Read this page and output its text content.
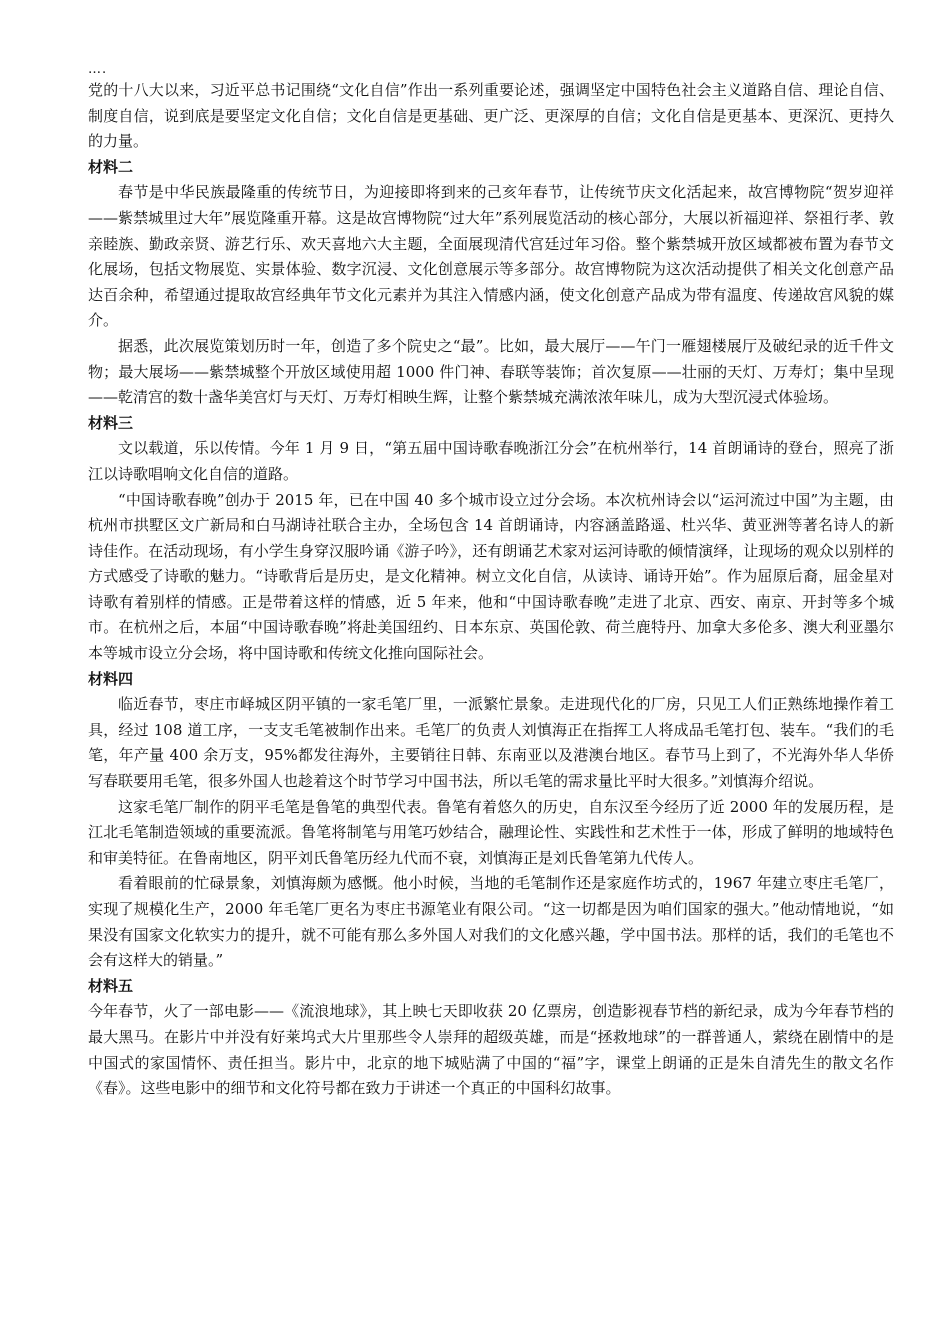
….

党的十八大以来，习近平总书记围绕“文化自信”作出一系列重要论述，强调坚定中国特色社会主义道路自信、理论自信、制度自信，说到底是要坚定文化自信；文化自信是更基础、更广泛、更深厚的自信；文化自信是更基本、更深沉、更持久的力量。

材料二

春节是中华民族最隆重的传统节日，为迎接即将到来的己亥年春节，让传统节庆文化活起来，故宫博物院“贺岁迎祥——紫禁城里过大年”展览隆重开幕。这是故宫博物院“过大年”系列展览活动的核心部分，大展以祈福迎祥、祭祖行孝、敦亲睦族、勤政亲贤、游艺行乐、欢天喜地六大主题，全面展现清代宫廷过年习俗。整个紫禁城开放区域都被布置为春节文化展场，包括文物展览、实景体验、数字沉浸、文化创意展示等多部分。故宫博物院为这次活动提供了相关文化创意产品达百余种，希望通过提取故宫经典年节文化元素并为其注入情感内涵，使文化创意产品成为带有温度、传递故宫风貌的媒介。

据悉，此次展览策划历时一年，创造了多个院史之“最”。比如，最大展厅——午门一雁翅楼展厅及破纪录的近千件文物；最大展场——紫禁城整个开放区域使用超 1000 件门神、春联等装饰；首次复原——壮丽的天灯、万寿灯；集中呈现——乾清宫的数十盏华美宫灯与天灯、万寿灯相映生辉，让整个紫禁城充满浓浓年味儿，成为大型沉浸式体验场。

材料三

文以载道，乐以传情。今年 1 月 9 日，“第五届中国诗歌春晚浙江分会”在杭州举行，14 首朗诵诗的登台，照亮了浙江以诗歌唱响文化自信的道路。

“中国诗歌春晚”创办于 2015 年，已在中国 40 多个城市设立过分会场。本次杭州诗会以“运河流过中国”为主题，由杭州市拱墅区文广新局和白马湖诗社联合主办，全场包含 14 首朗诵诗，内容涵盖路遥、杜兴华、黄亚洲等著名诗人的新诗佳作。在活动现场，有小学生身穿汉服吟诵《游子吟》，还有朗诵艺术家对运河诗歌的倾情演绎，让现场的观众以别样的方式感受了诗歌的魅力。“诗歌背后是历史，是文化精神。树立文化自信，从读诗、诵诗开始”。作为屈原后裔，屈金星对诗歌有着别样的情感。正是带着这样的情感，近 5 年来，他和“中国诗歌春晚”走进了北京、西安、南京、开封等多个城市。在杭州之后，本届“中国诗歌春晚”将赴美国纽约、日本东京、英国伦敦、荷兰鹿特丹、加拿大多伦多、澳大利亚墨尔本等城市设立分会场，将中国诗歌和传统文化推向国际社会。

材料四

临近春节，枣庄市峄城区阴平镇的一家毛笔厂里，一派繁忙景象。走进现代化的厂房，只见工人们正熟练地操作着工具，经过 108 道工序，一支支毛笔被制作出来。毛笔厂的负责人刘慎海正在指挥工人将成品毛笔打包、装车。“我们的毛笔，年产量 400 余万支，95%都发往海外，主要销往日韩、东南亚以及港澳台地区。春节马上到了，不光海外华人华侨写春联要用毛笔，很多外国人也趁着这个时节学习中国书法，所以毛笔的需求量比平时大很多。”刘慎海介绍说。

这家毛笔厂制作的阴平毛笔是鲁笔的典型代表。鲁笔有着悠久的历史，自东汉至今经历了近 2000 年的发展历程，是江北毛笔制造领域的重要流派。鲁笔将制笔与用笔巧妙结合，融理论性、实践性和艺术性于一体，形成了鲜明的地域特色和审美特征。在鲁南地区，阴平刘氏鲁笔历经九代而不衰，刘慎海正是刘氏鲁笔第九代传人。

看着眼前的忙碌景象，刘慎海颇为感慨。他小时候，当地的毛笔制作还是家庭作坊式的，1967 年建立枣庄毛笔厂，实现了规模化生产，2000 年毛笔厂更名为枣庄书源笔业有限公司。“这一切都是因为咱们国家的强大。”他动情地说，“如果没有国家文化软实力的提升，就不可能有那么多外国人对我们的文化感兴趣，学中国书法。那样的话，我们的毛笔也不会有这样大的销量。”

材料五

今年春节，火了一部电影——《流浪地球》，其上映七天即收获 20 亿票房，创造影视春节档的新纪录，成为今年春节档的最大黑马。在影片中并没有好莱坞式大片里那些令人崇拜的超级英雄，而是“拯救地球”的一群普通人，萦绕在剧情中的是中国式的家国情怀、责任担当。影片中，北京的地下城贴满了中国的“福”字，课堂上朗诵的正是朱自清先生的散文名作《春》。这些电影中的细节和文化符号都在致力于讲述一个真正的中国科幻故事。
